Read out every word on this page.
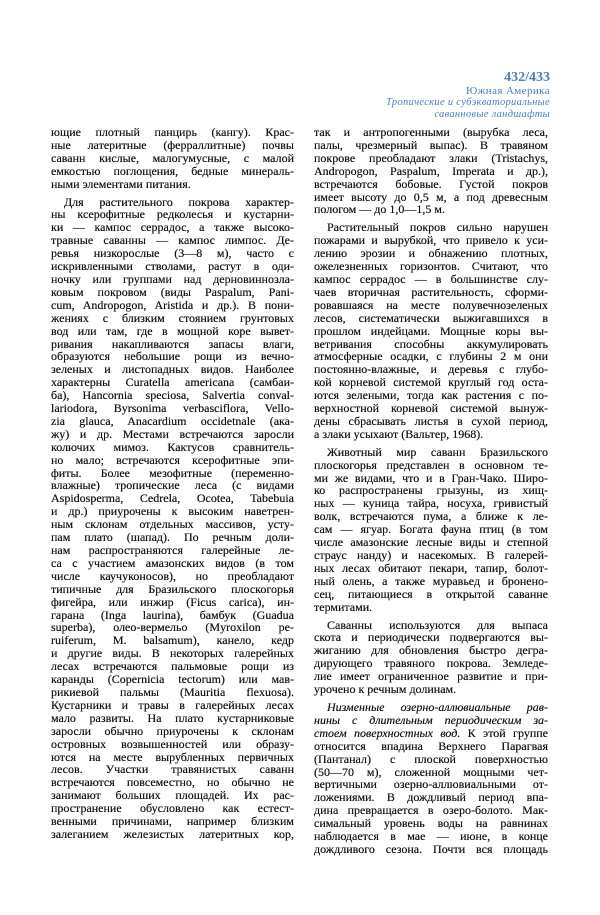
432/433
Южная Америка
Тропические и субэкваториальные
саванновые ландшафты
ющие плотный панцирь (кангу). Крас-
ные латеритные (ферраллитные) почвы
саванн кислые, малогумусные, с малой
емкостью поглощения, бедные минераль-
ными элементами питания.
Для растительного покрова характер-
ны ксерофитные редколесья и кустарни-
ки — кампос серрадос, а также высоко-
травные саванны — кампос лимпос. Де-
ревья низкорослые (3—8 м), часто с
искривленными стволами, растут в оди-
ночку или группами над дерновиннозла-
ковым покровом (виды Paspalum, Pani-
cum, Andropogon, Aristida и др.). В пони-
жениях с близким стоянием грунтовых
вод или там, где в мощной коре вывет-
ривания накапливаются запасы влаги,
образуются небольшие рощи из вечно-
зеленых и листопадных видов. Наиболее
характерны Curatella americana (самбаи-
ба), Hancornia speciosa, Salvertia conval-
lariodora, Byrsonima verbasciflora, Vello-
zia glauca, Anacardium occidetnale (ака-
жу) и др. Местами встречаются заросли
колючих мимоз. Кактусов сравнитель-
но мало; встречаются ксерофитные эпи-
фиты. Более мезофитные (переменно-
влажные) тропические леса (с видами
Aspidosperma, Cedrela, Ocotea, Tabebuia
и др.) приурочены к высоким наветрен-
ным склонам отдельных массивов, усту-
пам плато (шапад). По речным доли-
нам распространяются галерейные ле-
са с участием амазонских видов (в том
числе каучуконосов), но преобладают
типичные для Бразильского плоскогорья
фигейра, или инжир (Ficus carica), ин-
гарана (Inga laurina), бамбук (Guadua
superba), олео-вермельо (Myroxilon pe-
ruiferum, M. balsamum), канело, кедр
и другие виды. В некоторых галерейных
лесах встречаются пальмовые рощи из
каранды (Copernicia tectorum) или мав-
рикиевой пальмы (Mauritia flexuosa).
Кустарники и травы в галерейных лесах
мало развиты. На плато кустарниковые
заросли обычно приурочены к склонам
островных возвышенностей или образу-
ются на месте вырубленных первичных
лесов. Участки травянистых саванн
встречаются повсеместно, но обычно не
занимают больших площадей. Их рас-
пространение обусловлено как естест-
венными причинами, например близким
залеганием железистых латеритных кор,
так и антропогенными (вырубка леса,
палы, чрезмерный выпас). В травяном
покрове преобладают злаки (Tristachys,
Andropogon, Paspalum, Imperata и др.),
встречаются бобовые. Густой покров
имеет высоту до 0,5 м, а под древесным
пологом — до 1,0—1,5 м.
Растительный покров сильно нарушен
пожарами и вырубкой, что привело к уси-
лению эрозии и обнажению плотных,
ожелезненных горизонтов. Считают, что
кампос серрадос — в большинстве слу-
чаев вторичная растительность, сформи-
ровавшаяся на месте полувечнозеленых
лесов, систематически выжигавшихся в
прошлом индейцами. Мощные коры вы-
ветривания способны аккумулировать
атмосферные осадки, с глубины 2 м они
постоянно-влажные, и деревья с глубо-
кой корневой системой круглый год оста-
ются зелеными, тогда как растения с по-
верхностной корневой системой вынуж-
дены сбрасывать листья в сухой период,
а злаки усыхают (Вальтер, 1968).
Животный мир саванн Бразильского
плоскогорья представлен в основном те-
ми же видами, что и в Гран-Чако. Широ-
ко распространены грызуны, из хищ-
ных — куница тайра, носуха, гривистый
волк, встречаются пума, а ближе к ле-
сам — ягуар. Богата фауна птиц (в том
числе амазонские лесные виды и степной
страус нанду) и насекомых. В галерей-
ных лесах обитают пекари, тапир, болот-
ный олень, а также муравьед и бронено-
сец, питающиеся в открытой саванне
термитами.
Саванны используются для выпаса
скота и периодически подвергаются вы-
жиганию для обновления быстро дегра-
дирующего травяного покрова. Земледе-
лие имеет ограниченное развитие и при-
урочено к речным долинам.
Низменные озерно-аллювиальные рав-
нины с длительным периодическим за-
стоем поверхностных вод. К этой группе
относится впадина Верхнего Парагвая
(Пантанал) с плоской поверхностью
(50—70 м), сложенной мощными чет-
вертичными озерно-аллювиальными от-
ложениями. В дождливый период впа-
дина превращается в озеро-болото. Мак-
симальный уровень воды на равнинах
наблюдается в мае — июне, в конце
дождливого сезона. Почти вся площадь
